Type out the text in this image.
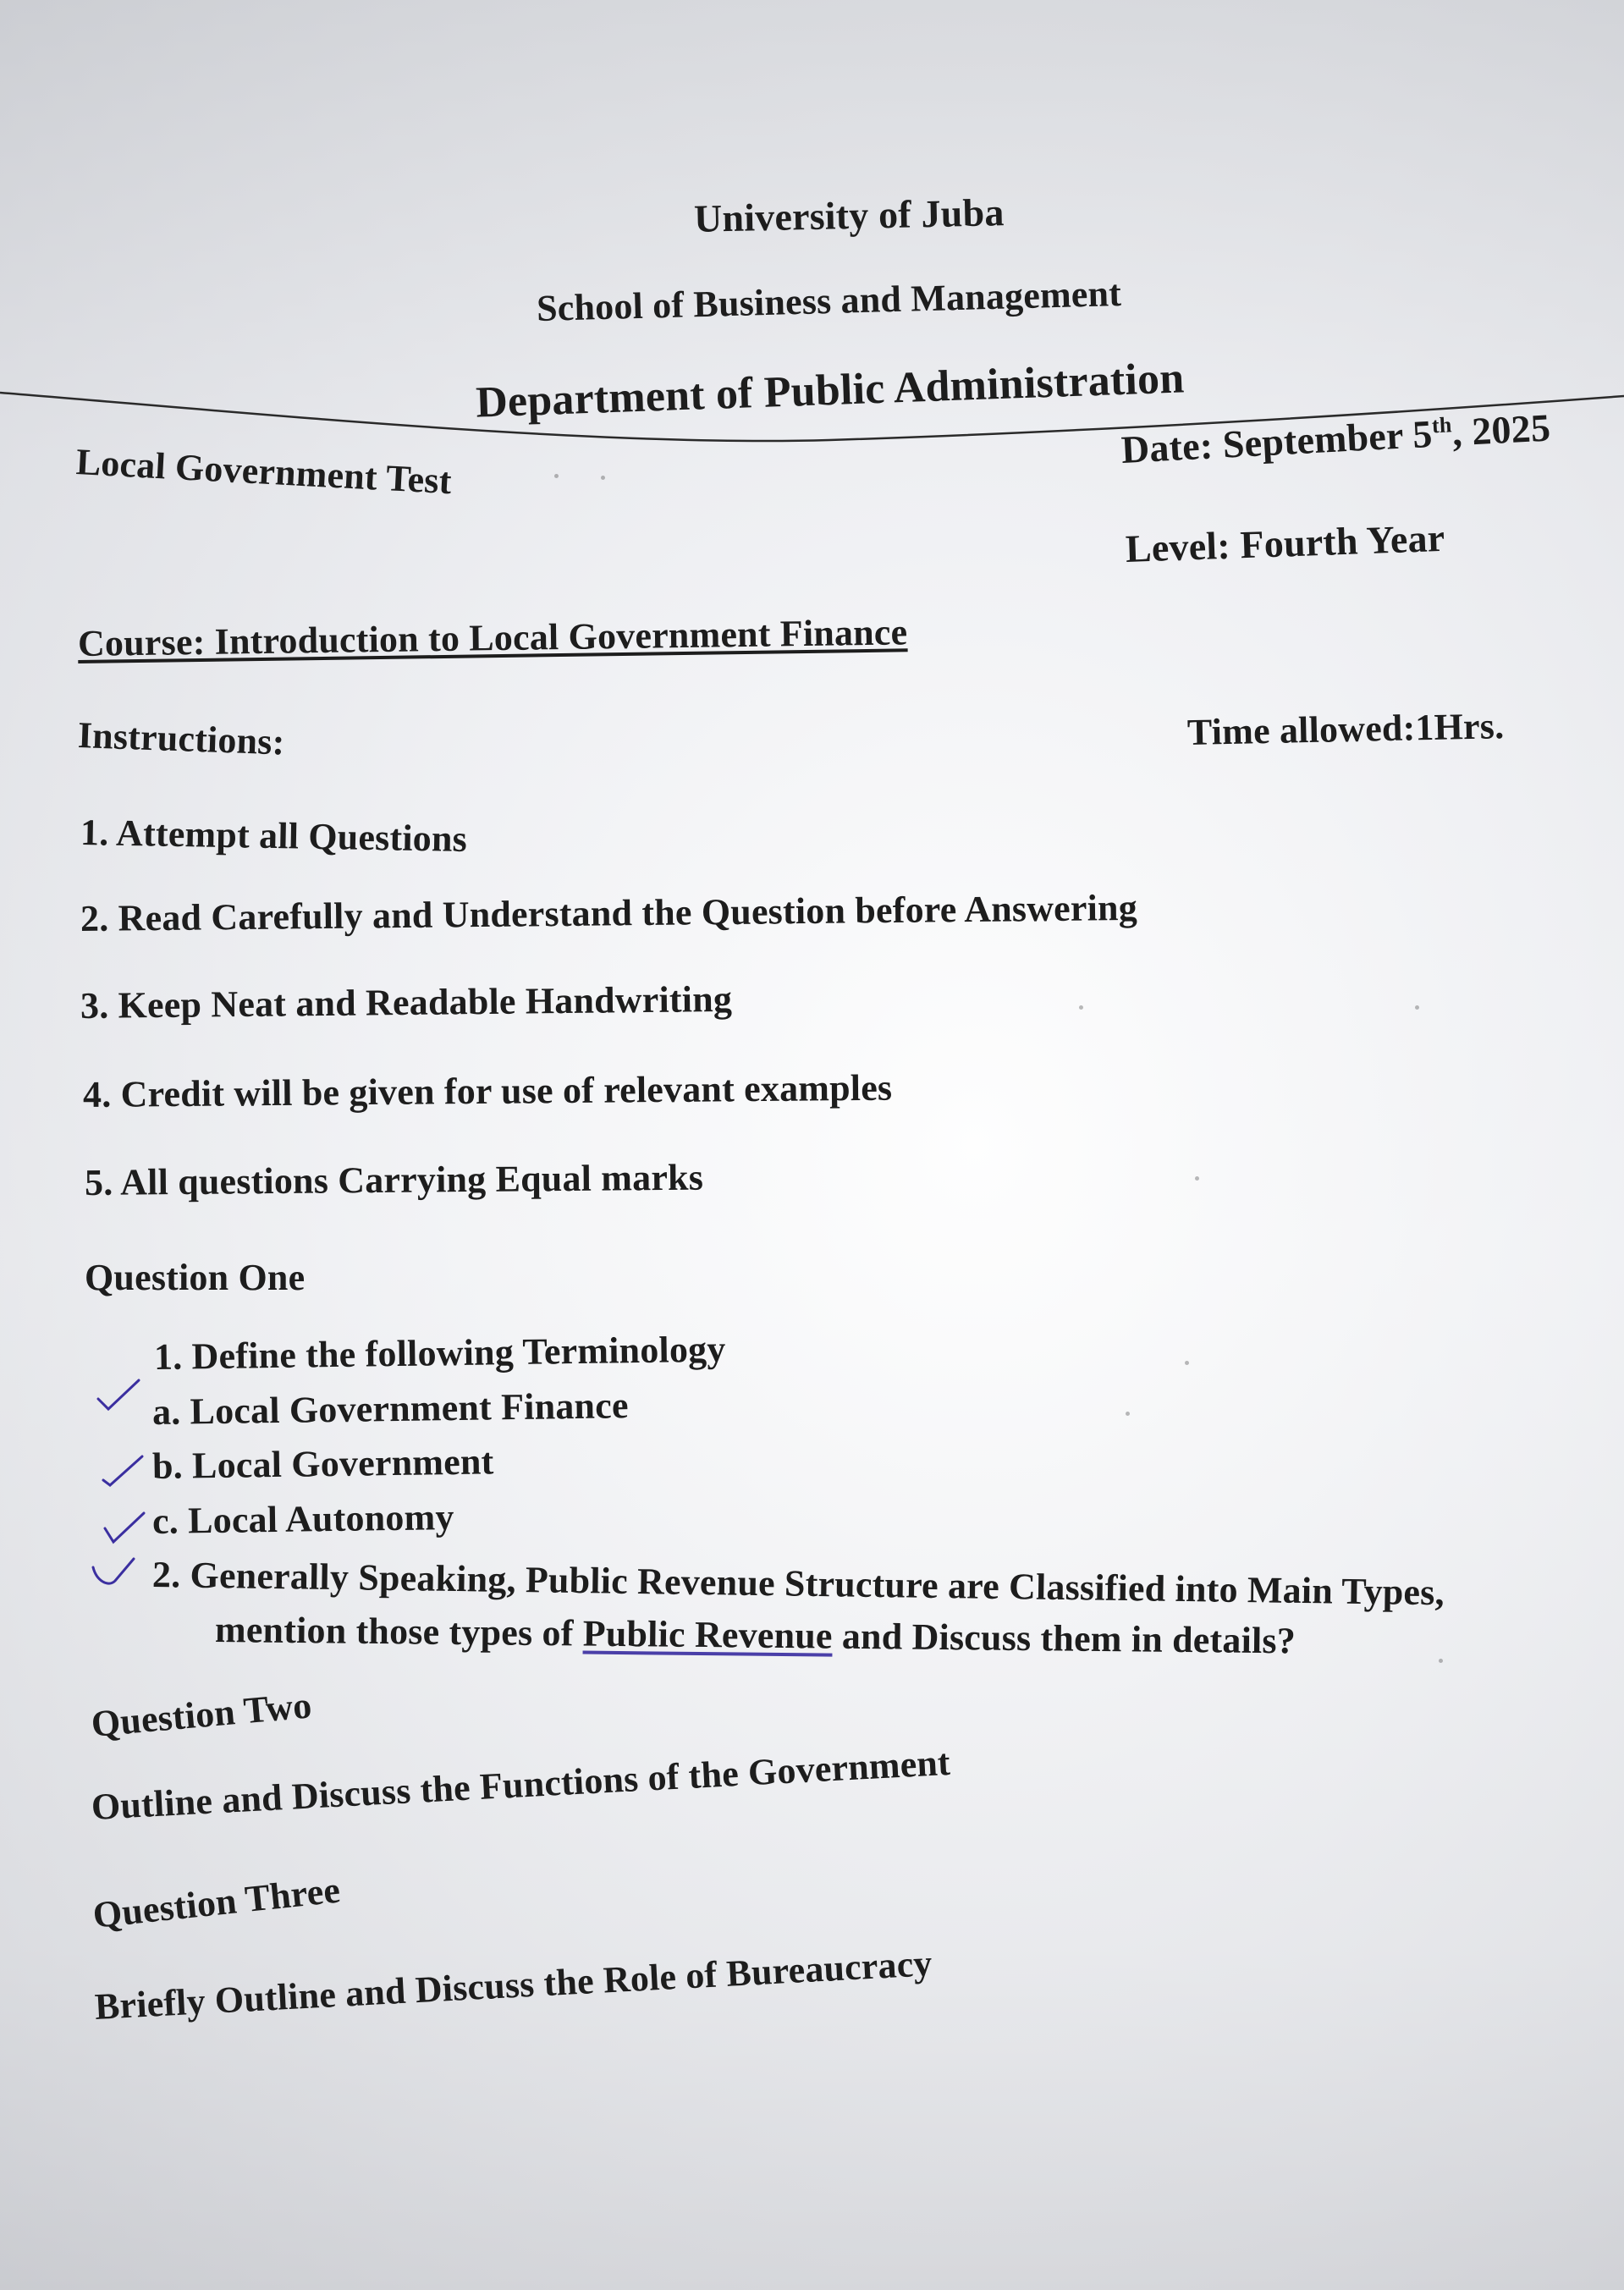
University of Juba
School of Business and Management
Department of Public Administration
Local Government Test	Date: September 5th, 2025
Level: Fourth Year
Course: Introduction to Local Government Finance
Instructions:	Time allowed:1Hrs.
1. Attempt all Questions
2. Read Carefully and Understand the Question before Answering
3. Keep Neat and Readable Handwriting
4. Credit will be given for use of relevant examples
5. All questions Carrying Equal marks
Question One
1. Define the following Terminology
a. Local Government Finance
b. Local Government
c. Local Autonomy
2. Generally Speaking, Public Revenue Structure are Classified into Main Types,
mention those types of Public Revenue and Discuss them in details?
Question Two
Outline and Discuss the Functions of the Government
Question Three
Briefly Outline and Discuss the Role of Bureaucracy
